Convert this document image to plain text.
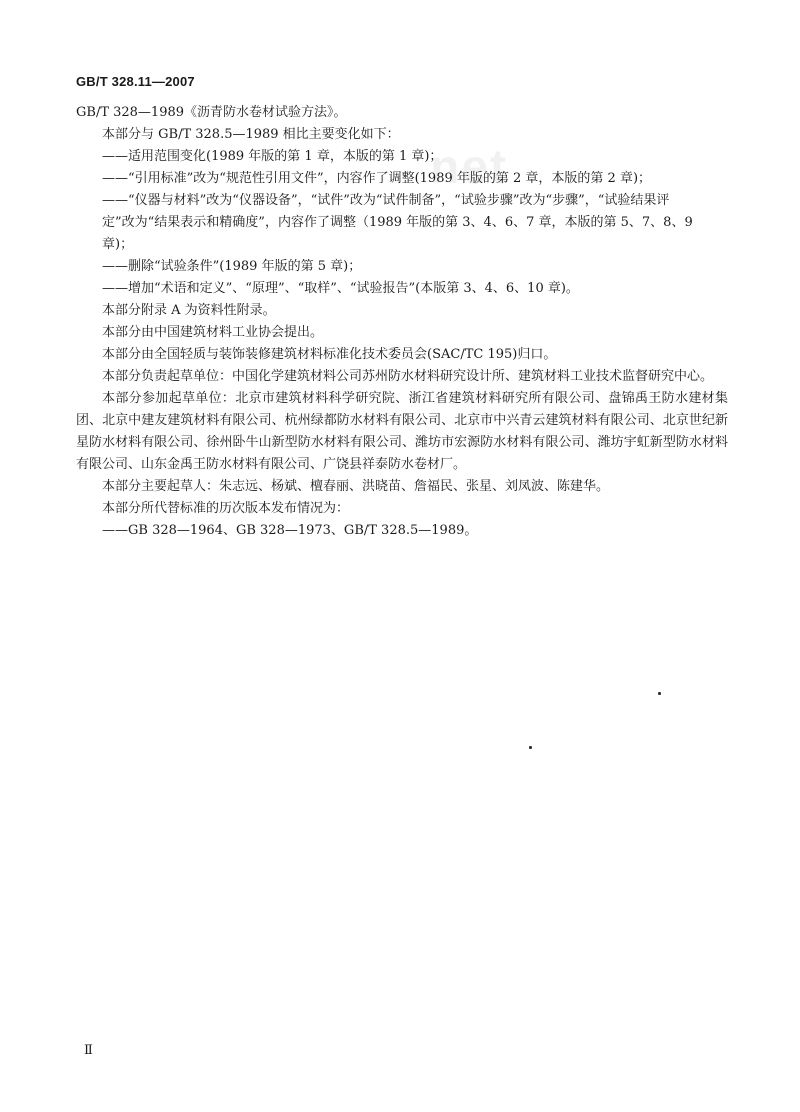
net
GB/T 328.11—2007

GB/T 328—1989《沥青防水卷材试验方法》。

本部分与 GB/T 328.5—1989 相比主要变化如下：

——适用范围变化(1989 年版的第 1 章，本版的第 1 章)；

——“引用标准”改为“规范性引用文件”，内容作了调整(1989 年版的第 2 章，本版的第 2 章)；

——“仪器与材料”改为“仪器设备”，“试件”改为“试件制备”，“试验步骤”改为“步骤”，“试验结果评

定”改为“结果表示和精确度”，内容作了调整（1989 年版的第 3、4、6、7 章，本版的第 5、7、8、9

章)；

——删除“试验条件”(1989 年版的第 5 章)；

——增加“术语和定义”、“原理”、“取样”、“试验报告”(本版第 3、4、6、10 章)。

本部分附录 A 为资料性附录。

本部分由中国建筑材料工业协会提出。

本部分由全国轻质与装饰装修建筑材料标准化技术委员会(SAC/TC 195)归口。

本部分负责起草单位：中国化学建筑材料公司苏州防水材料研究设计所、建筑材料工业技术监督研究中心。

本部分参加起草单位：北京市建筑材料科学研究院、浙江省建筑材料研究所有限公司、盘锦禹王防水建材集团、北京中建友建筑材料有限公司、杭州绿都防水材料有限公司、北京市中兴青云建筑材料有限公司、北京世纪新星防水材料有限公司、徐州卧牛山新型防水材料有限公司、潍坊市宏源防水材料有限公司、潍坊宇虹新型防水材料有限公司、山东金禹王防水材料有限公司、广饶县祥泰防水卷材厂。

本部分主要起草人：朱志远、杨斌、檀春丽、洪晓苗、詹福民、张星、刘凤波、陈建华。

本部分所代替标准的历次版本发布情况为：

——GB 328—1964、GB 328—1973、GB/T 328.5—1989。

Ⅱ
